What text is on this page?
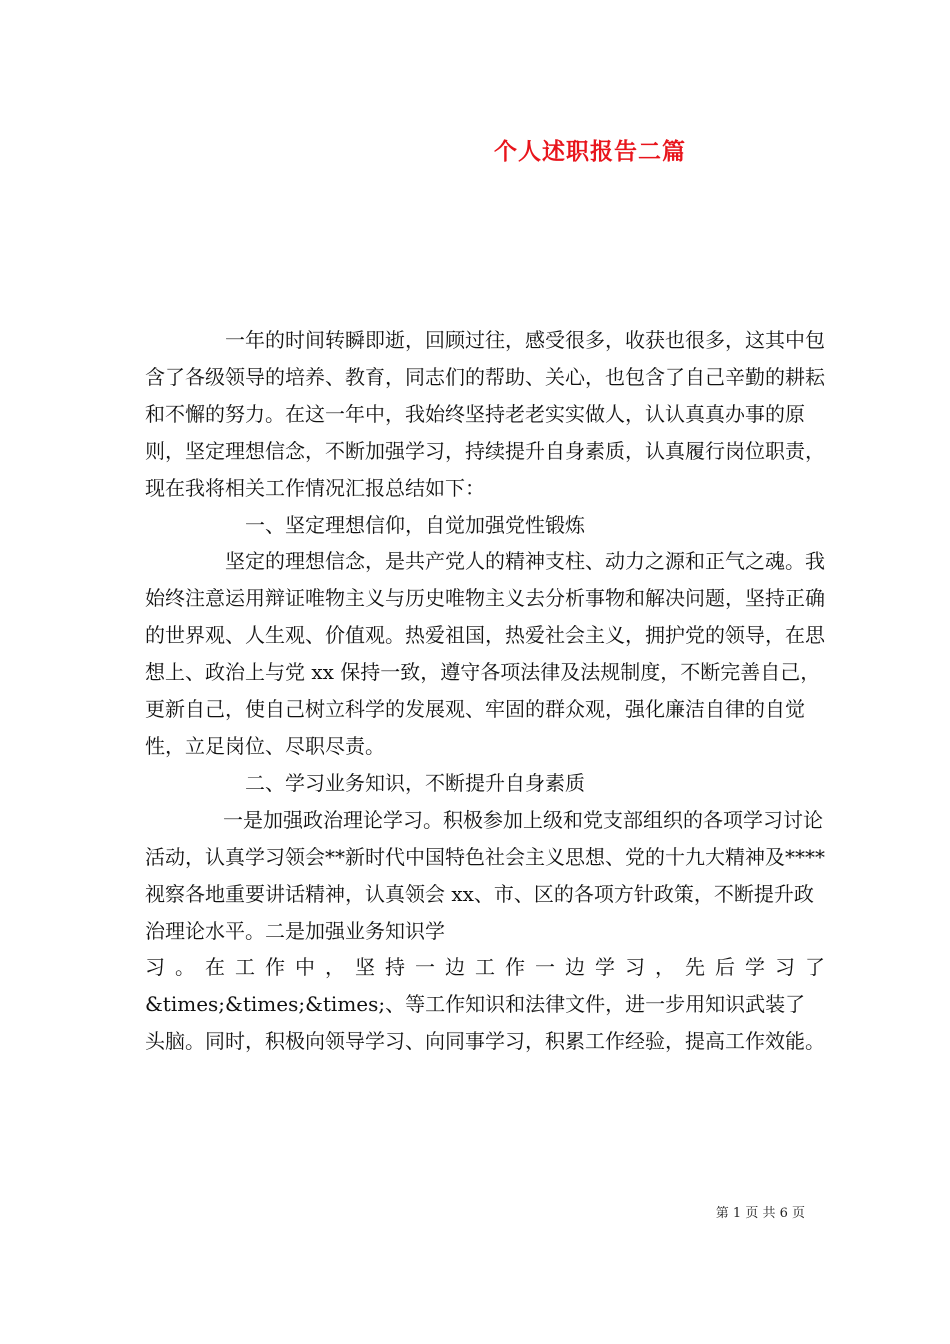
个人述职报告二篇

一年的时间转瞬即逝，回顾过往，感受很多，收获也很多，这其中包含了各级领导的培养、教育，同志们的帮助、关心，也包含了自己辛勤的耕耘和不懈的努力。在这一年中，我始终坚持老老实实做人，认认真真办事的原则，坚定理想信念，不断加强学习，持续提升自身素质，认真履行岗位职责，现在我将相关工作情况汇报总结如下：

一、坚定理想信仰，自觉加强党性锻炼

坚定的理想信念，是共产党人的精神支柱、动力之源和正气之魂。我始终注意运用辩证唯物主义与历史唯物主义去分析事物和解决问题，坚持正确的世界观、人生观、价值观。热爱祖国，热爱社会主义，拥护党的领导，在思想上、政治上与党 xx 保持一致，遵守各项法律及法规制度，不断完善自己，更新自己，使自己树立科学的发展观、牢固的群众观，强化廉洁自律的自觉性，立足岗位、尽职尽责。

二、学习业务知识，不断提升自身素质

一是加强政治理论学习。积极参加上级和党支部组织的各项学习讨论活动，认真学习领会**新时代中国特色社会主义思想、党的十九大精神及****视察各地重要讲话精神，认真领会 xx、市、区的各项方针政策，不断提升政治理论水平。二是加强业务知识学

习。在工作中，坚持一边工作一边学习，先后学习了

&times;&times;&times;、等工作知识和法律文件，进一步用知识武装了头脑。同时，积极向领导学习、向同事学习，积累工作经验，提高工作效能。

第 1 页 共 6 页
